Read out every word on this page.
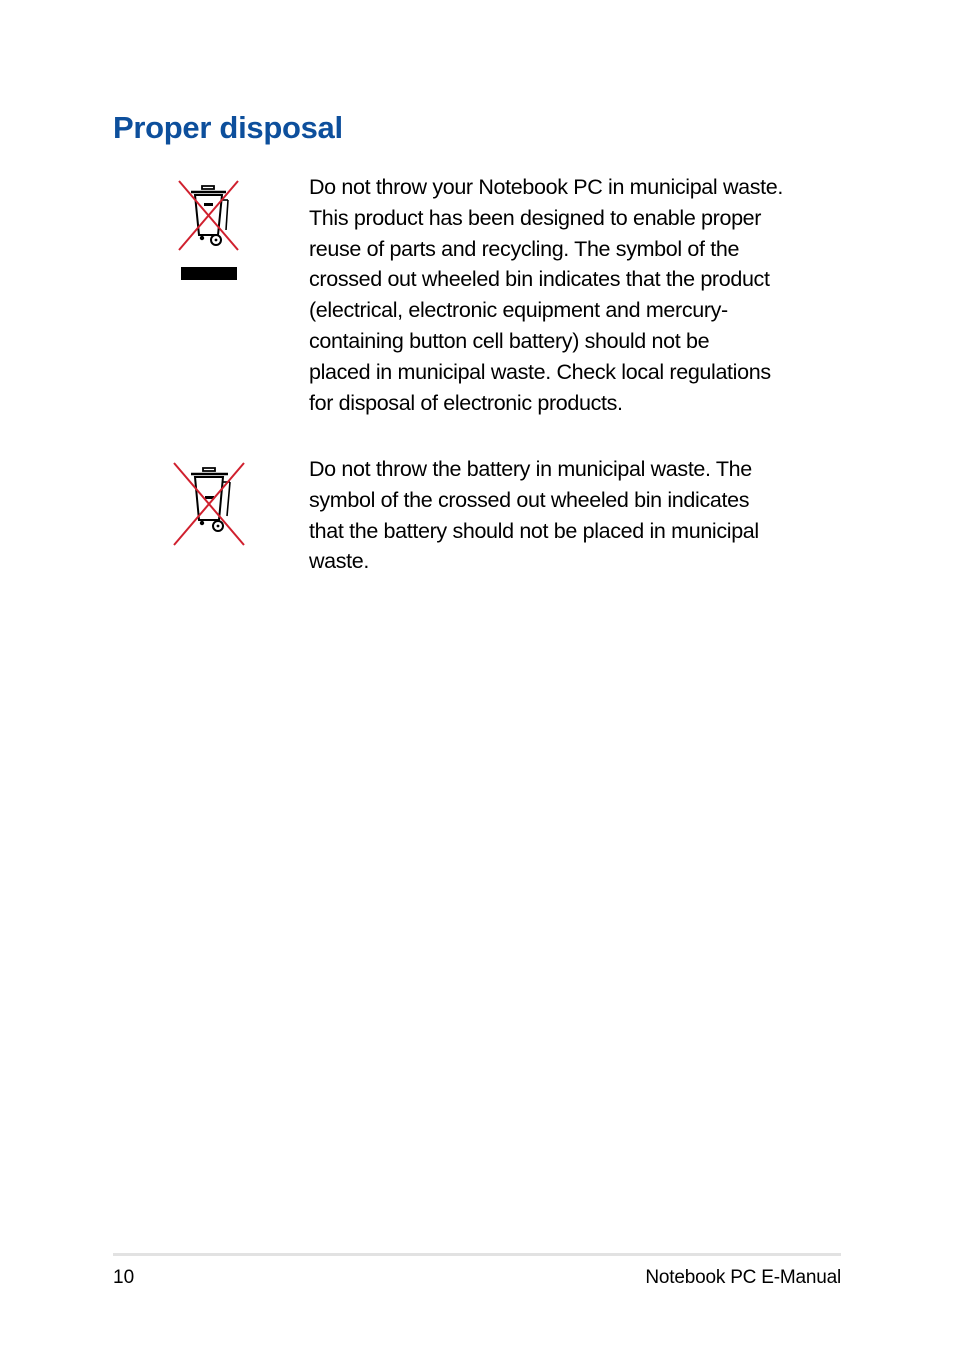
Proper disposal

Do not throw your Notebook PC in municipal waste.
This product has been designed to enable proper
reuse of parts and recycling. The symbol of the
crossed out wheeled bin indicates that the product
(electrical, electronic equipment and mercury-
containing button cell battery) should not be
placed in municipal waste. Check local regulations
for disposal of electronic products.

Do not throw the battery in municipal waste. The
symbol of the crossed out wheeled bin indicates
that the battery should not be placed in municipal
waste.

10	Notebook PC E-Manual
